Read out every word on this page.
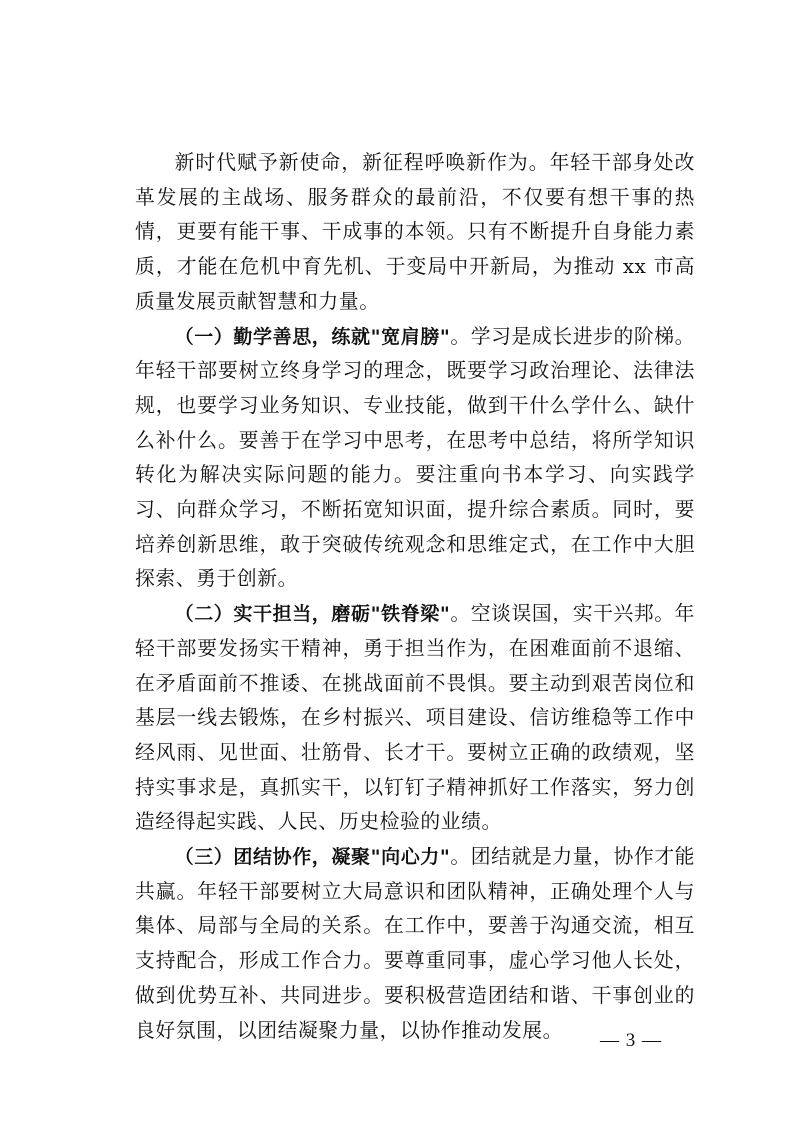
新时代赋予新使命，新征程呼唤新作为。年轻干部身处改革发展的主战场、服务群众的最前沿，不仅要有想干事的热情，更要有能干事、干成事的本领。只有不断提升自身能力素质，才能在危机中育先机、于变局中开新局，为推动 xx 市高质量发展贡献智慧和力量。

（一）勤学善思，练就"宽肩膀"。学习是成长进步的阶梯。年轻干部要树立终身学习的理念，既要学习政治理论、法律法规，也要学习业务知识、专业技能，做到干什么学什么、缺什么补什么。要善于在学习中思考，在思考中总结，将所学知识转化为解决实际问题的能力。要注重向书本学习、向实践学习、向群众学习，不断拓宽知识面，提升综合素质。同时，要培养创新思维，敢于突破传统观念和思维定式，在工作中大胆探索、勇于创新。

（二）实干担当，磨砺"铁脊梁"。空谈误国，实干兴邦。年轻干部要发扬实干精神，勇于担当作为，在困难面前不退缩、在矛盾面前不推诿、在挑战面前不畏惧。要主动到艰苦岗位和基层一线去锻炼，在乡村振兴、项目建设、信访维稳等工作中经风雨、见世面、壮筋骨、长才干。要树立正确的政绩观，坚持实事求是，真抓实干，以钉钉子精神抓好工作落实，努力创造经得起实践、人民、历史检验的业绩。

（三）团结协作，凝聚"向心力"。团结就是力量，协作才能共赢。年轻干部要树立大局意识和团队精神，正确处理个人与集体、局部与全局的关系。在工作中，要善于沟通交流，相互支持配合，形成工作合力。要尊重同事，虚心学习他人长处，做到优势互补、共同进步。要积极营造团结和谐、干事创业的良好氛围，以团结凝聚力量，以协作推动发展。	— 3 —
